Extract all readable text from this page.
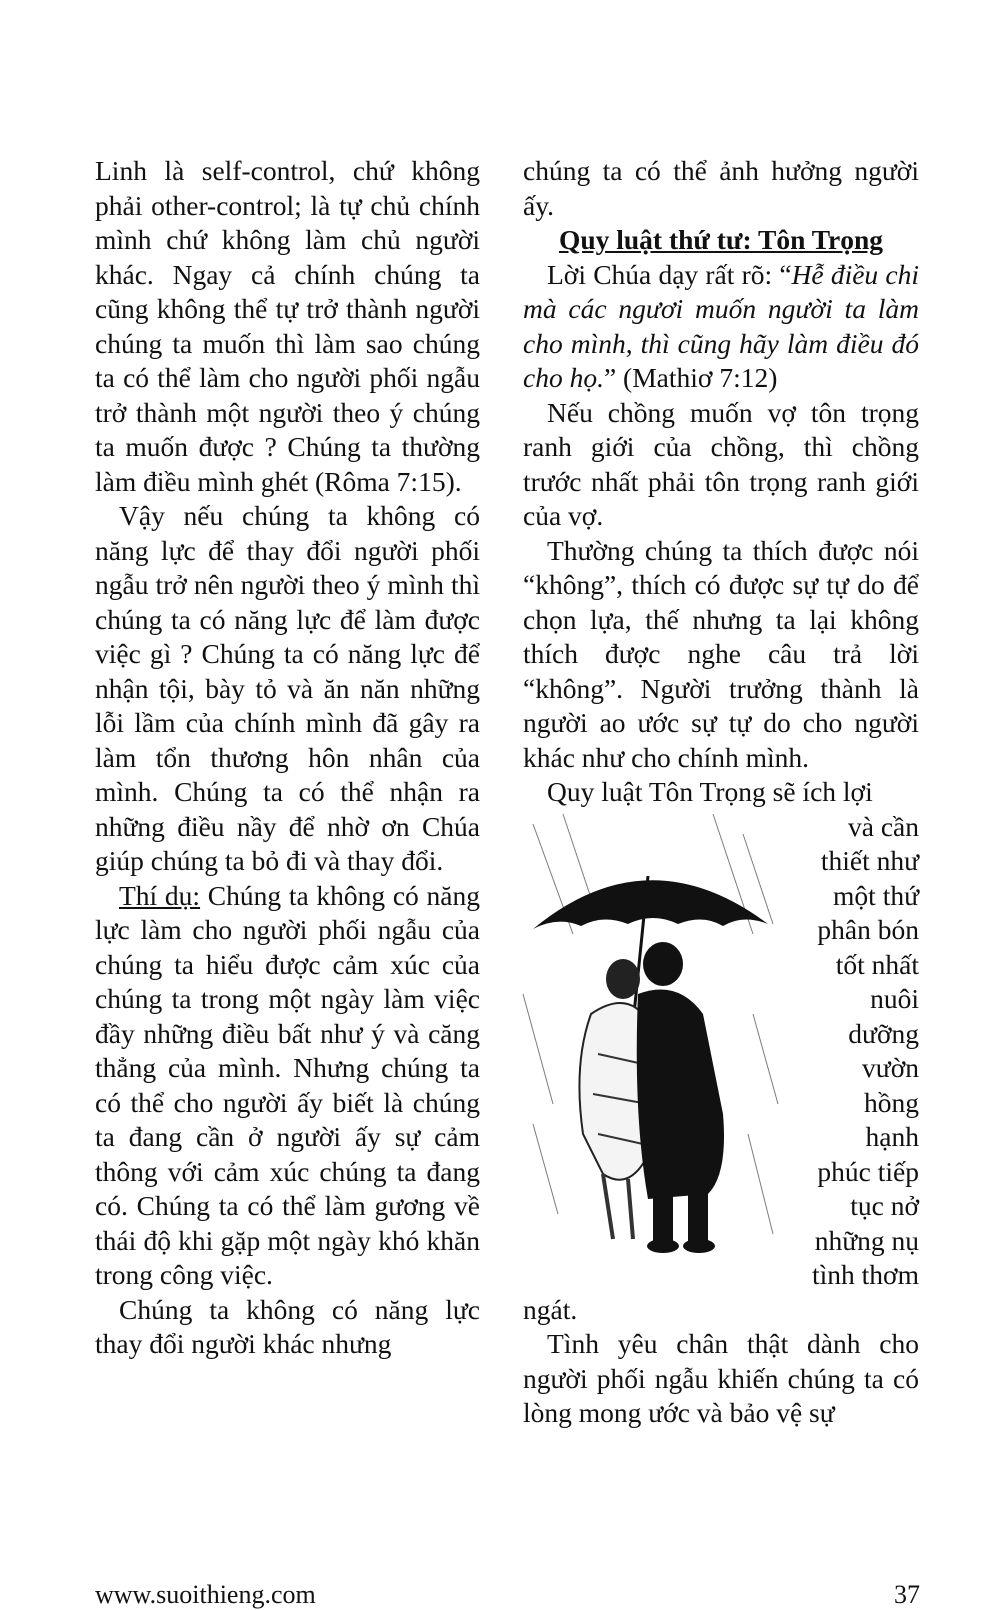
Linh là self-control, chứ không phải other-control; là tự chủ chính mình chứ không làm chủ người khác. Ngay cả chính chúng ta cũng không thể tự trở thành người chúng ta muốn thì làm sao chúng ta có thể làm cho người phối ngẫu trở thành một người theo ý chúng ta muốn được ? Chúng ta thường làm điều mình ghét (Rôma 7:15).

Vậy nếu chúng ta không có năng lực để thay đổi người phối ngẫu trở nên người theo ý mình thì chúng ta có năng lực để làm được việc gì ? Chúng ta có năng lực để nhận tội, bày tỏ và ăn năn những lỗi lầm của chính mình đã gây ra làm tổn thương hôn nhân của mình. Chúng ta có thể nhận ra những điều nầy để nhờ ơn Chúa giúp chúng ta bỏ đi và thay đổi.

Thí dụ: Chúng ta không có năng lực làm cho người phối ngẫu của chúng ta hiểu được cảm xúc của chúng ta trong một ngày làm việc đầy những điều bất như ý và căng thẳng của mình. Nhưng chúng ta có thể cho người ấy biết là chúng ta đang cần ở người ấy sự cảm thông với cảm xúc chúng ta đang có. Chúng ta có thể làm gương về thái độ khi gặp một ngày khó khăn trong công việc.

Chúng ta không có năng lực thay đổi người khác nhưng

chúng ta có thể ảnh hưởng người ấy.

Quy luật thứ tư: Tôn Trọng

Lời Chúa dạy rất rõ: “Hễ điều chi mà các ngươi muốn người ta làm cho mình, thì cũng hãy làm điều đó cho họ.” (Mathiơ 7:12)

Nếu chồng muốn vợ tôn trọng ranh giới của chồng, thì chồng trước nhất phải tôn trọng ranh giới của vợ.

Thường chúng ta thích được nói “không”, thích có được sự tự do để chọn lựa, thế nhưng ta lại không thích được nghe câu trả lời “không”. Người trưởng thành là người ao ước sự tự do cho người khác như cho chính mình.

Quy luật Tôn Trọng sẽ ích lợi

và cần
thiết như
một thứ
phân bón
tốt nhất
nuôi
dưỡng
vườn
hồng
hạnh
phúc tiếp
tục nở
những nụ
tình thơm

ngát.

Tình yêu chân thật dành cho người phối ngẫu khiến chúng ta có lòng mong ước và bảo vệ sự

www.suoithieng.com	37
